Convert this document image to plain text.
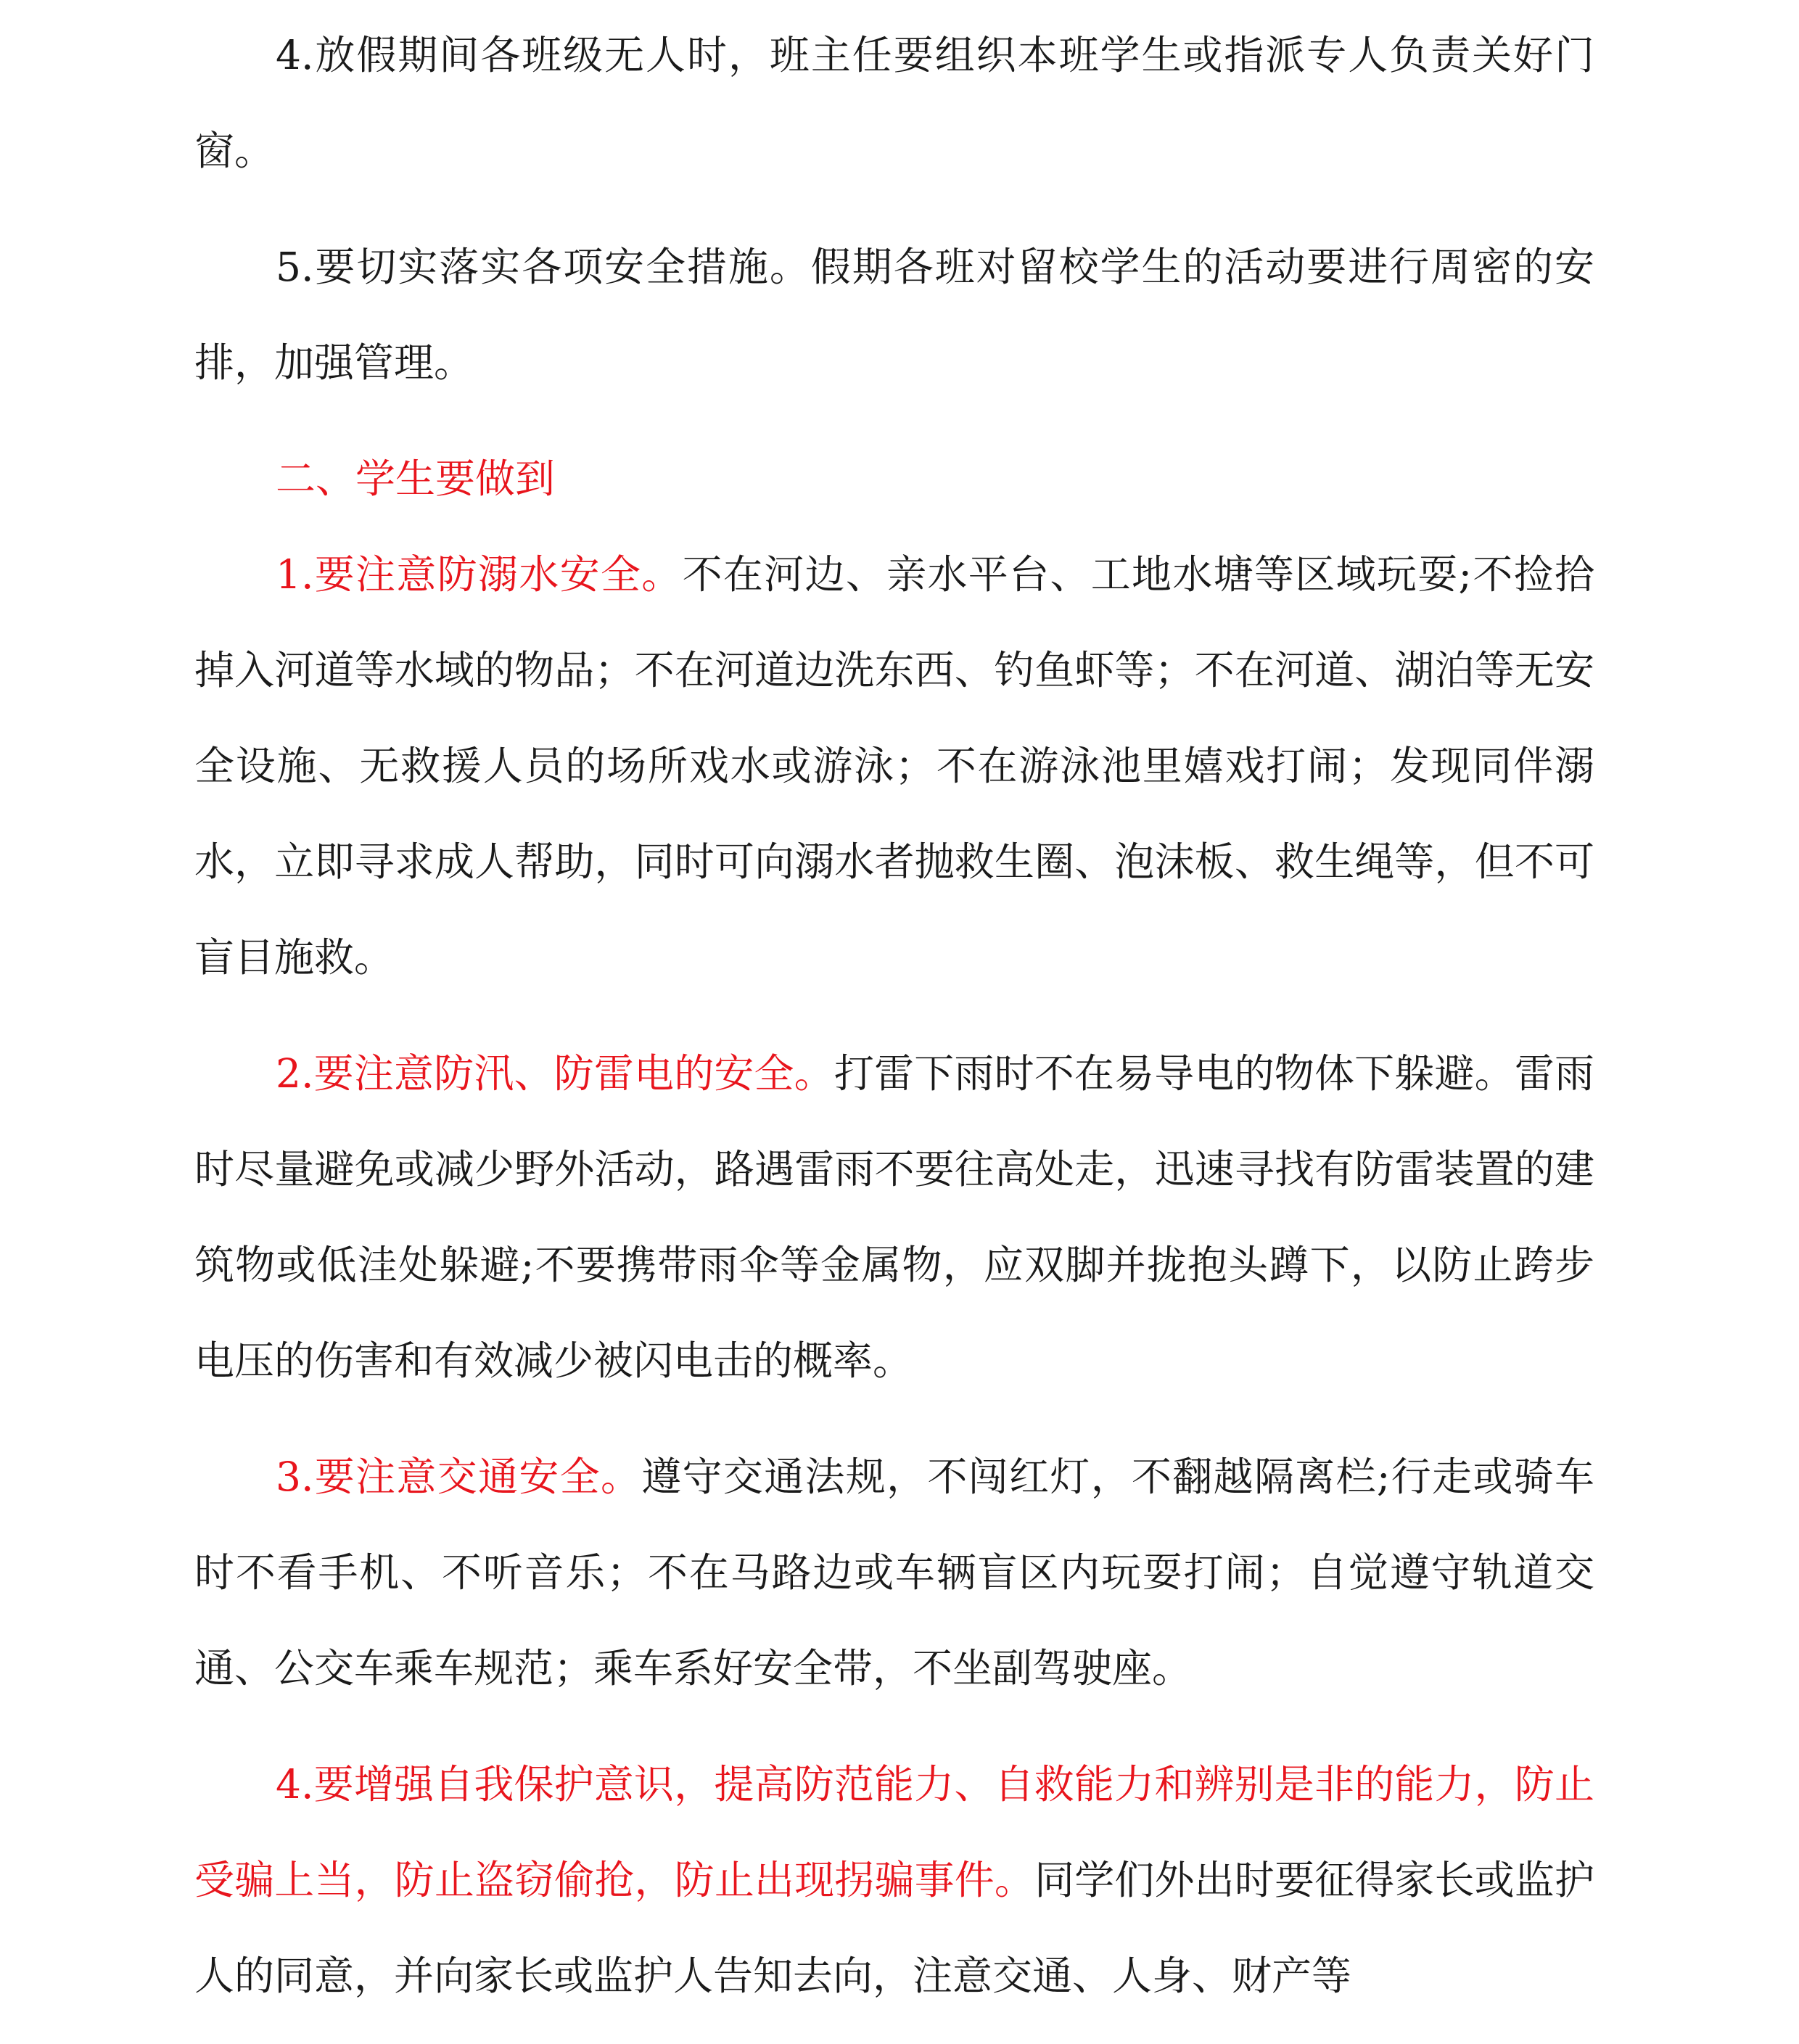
4.放假期间各班级无人时，班主任要组织本班学生或指派专人负责关好门窗。

5.要切实落实各项安全措施。假期各班对留校学生的活动要进行周密的安排，加强管理。

二、学生要做到

1.要注意防溺水安全。不在河边、亲水平台、工地水塘等区域玩耍;不捡拾掉入河道等水域的物品；不在河道边洗东西、钓鱼虾等；不在河道、湖泊等无安全设施、无救援人员的场所戏水或游泳；不在游泳池里嬉戏打闹；发现同伴溺水，立即寻求成人帮助，同时可向溺水者抛救生圈、泡沫板、救生绳等，但不可盲目施救。

2.要注意防汛、防雷电的安全。打雷下雨时不在易导电的物体下躲避。雷雨时尽量避免或减少野外活动，路遇雷雨不要往高处走，迅速寻找有防雷装置的建筑物或低洼处躲避;不要携带雨伞等金属物，应双脚并拢抱头蹲下，以防止跨步电压的伤害和有效减少被闪电击的概率。

3.要注意交通安全。遵守交通法规，不闯红灯，不翻越隔离栏;行走或骑车时不看手机、不听音乐；不在马路边或车辆盲区内玩耍打闹；自觉遵守轨道交通、公交车乘车规范；乘车系好安全带，不坐副驾驶座。

4.要增强自我保护意识，提高防范能力、自救能力和辨别是非的能力，防止受骗上当，防止盗窃偷抢，防止出现拐骗事件。同学们外出时要征得家长或监护人的同意，并向家长或监护人告知去向，注意交通、人身、财产等
